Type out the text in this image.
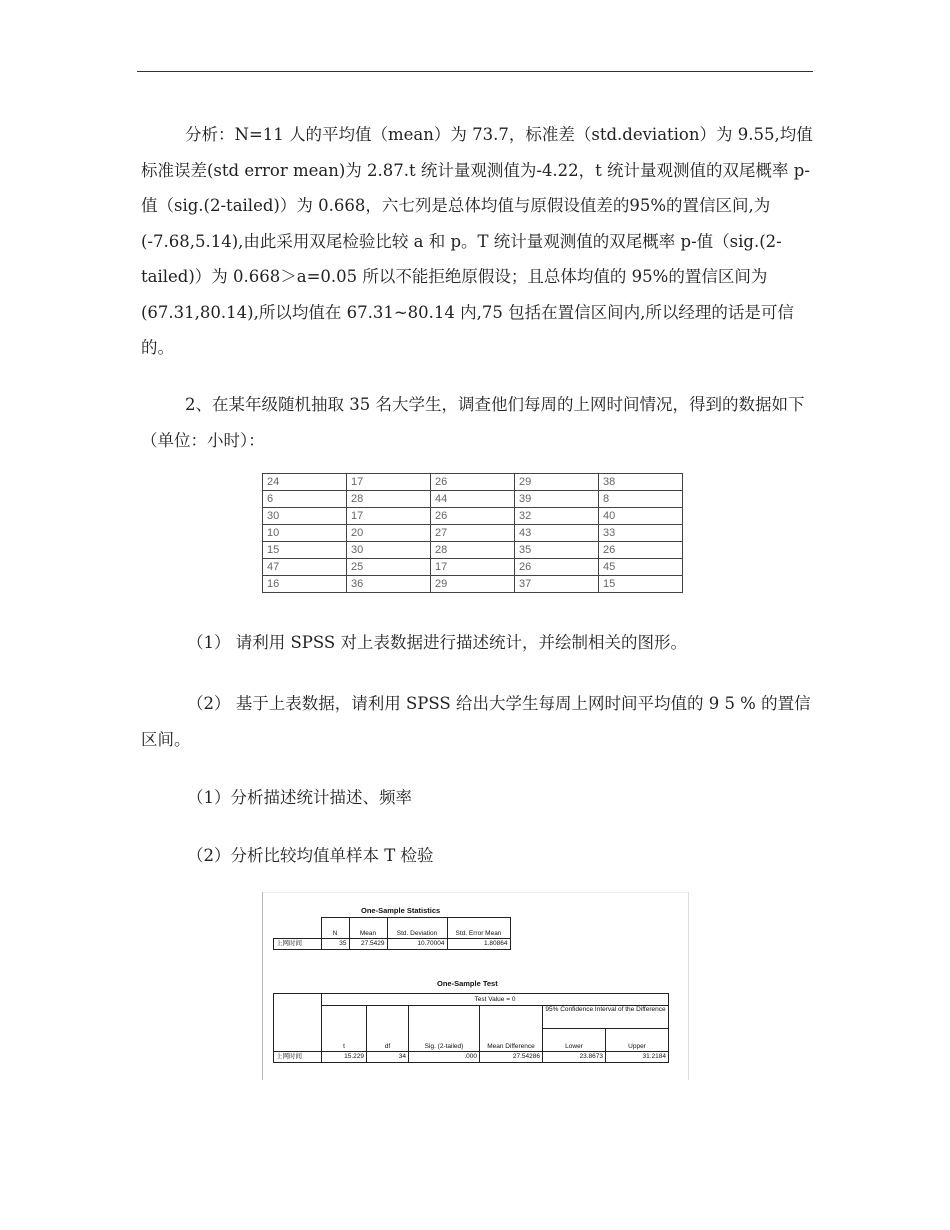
分析：N=11 人的平均值（mean）为 73.7，标准差（std.deviation）为 9.55,均值标准误差(std error mean)为 2.87.t 统计量观测值为-4.22，t 统计量观测值的双尾概率 p-值（sig.(2-tailed)）为 0.668，六七列是总体均值与原假设值差的95%的置信区间,为(-7.68,5.14),由此采用双尾检验比较 a 和 p。T 统计量观测值的双尾概率 p-值（sig.(2-tailed)）为 0.668＞a=0.05 所以不能拒绝原假设；且总体均值的 95%的置信区间为(67.31,80.14),所以均值在 67.31~80.14 内,75 包括在置信区间内,所以经理的话是可信的。

2、在某年级随机抽取 35 名大学生，调查他们每周的上网时间情况，得到的数据如下（单位：小时）：

24	17	26	29	38
6	28	44	39	8
30	17	26	32	40
10	20	27	43	33
15	30	28	35	26
47	25	17	26	45
16	36	29	37	15

（1） 请利用 SPSS 对上表数据进行描述统计，并绘制相关的图形。

（2） 基于上表数据，请利用 SPSS 给出大学生每周上网时间平均值的 9 5 % 的置信区间。

（1）分析描述统计描述、频率

（2）分析比较均值单样本 T 检验

One-Sample Statistics
	N	Mean	Std. Deviation	Std. Error Mean
上网时间	35	27.5429	10.70004	1.80864
One-Sample Test
	Test Value = 0					
	t	df	Sig. (2-tailed)	Mean Difference	95% Confidence Interval of the Difference	
					Lower	Upper
上网时间	15.229	34	.000	27.54286	23.8673	31.2184
